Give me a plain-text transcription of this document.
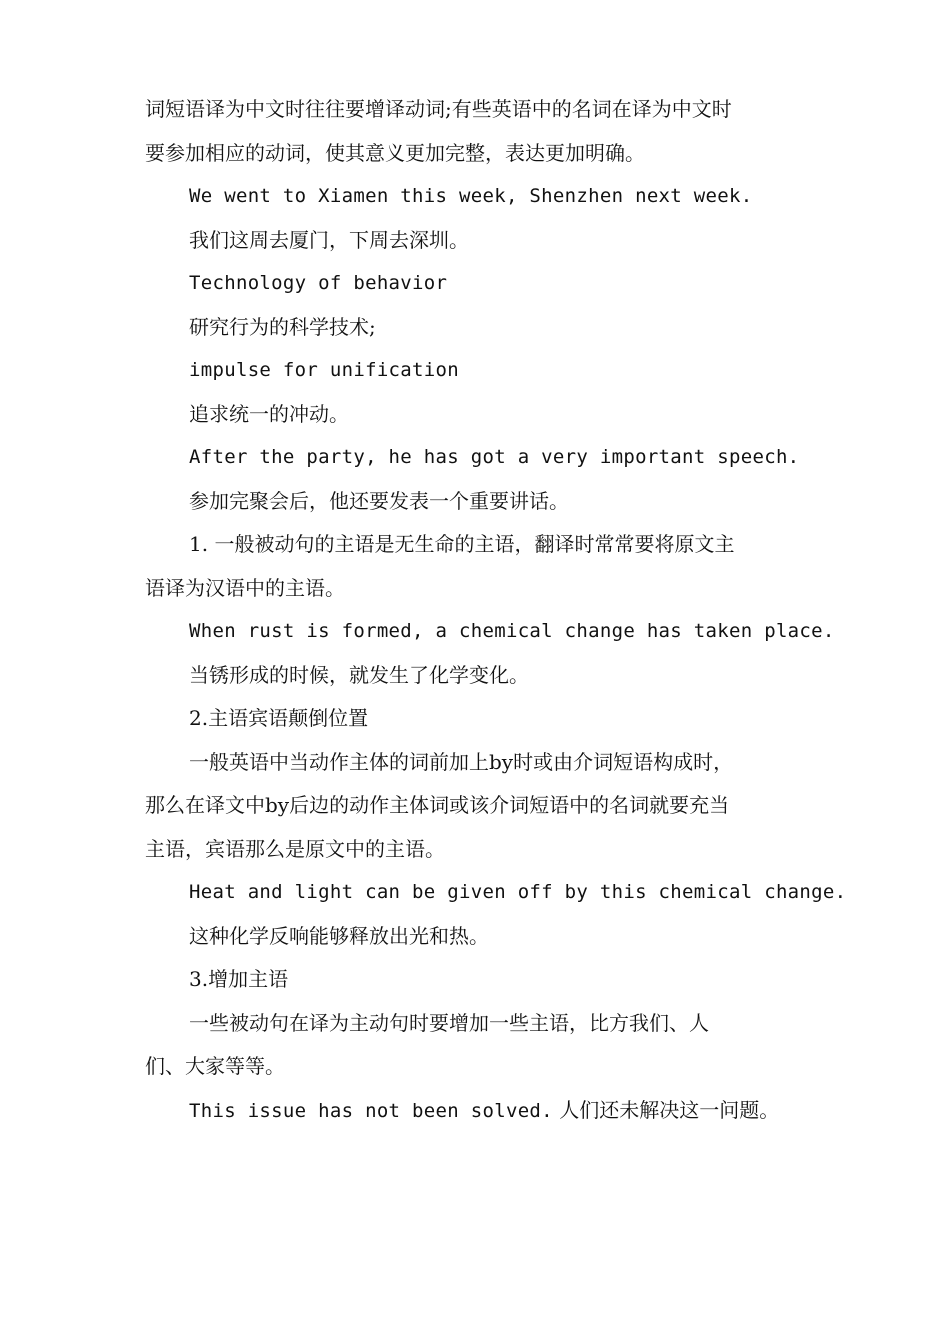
词短语译为中文时往往要增译动词;有些英语中的名词在译为中文时
要参加相应的动词，使其意义更加完整，表达更加明确。
We went to Xiamen this week, Shenzhen next week.
我们这周去厦门，下周去深圳。
Technology of behavior
研究行为的科学技术;
impulse for unification
追求统一的冲动。
After the party, he has got a very important speech.
参加完聚会后，他还要发表一个重要讲话。
1. 一般被动句的主语是无生命的主语，翻译时常常要将原文主
语译为汉语中的主语。
When rust is formed, a chemical change has taken place.
当锈形成的时候，就发生了化学变化。
2.主语宾语颠倒位置
一般英语中当动作主体的词前加上by时或由介词短语构成时，
那么在译文中by后边的动作主体词或该介词短语中的名词就要充当
主语，宾语那么是原文中的主语。
Heat and light can be given off by this chemical change.
这种化学反响能够释放出光和热。
3.增加主语
一些被动句在译为主动句时要增加一些主语，比方我们、人
们、大家等等。
This issue has not been solved. 人们还未解决这一问题。
